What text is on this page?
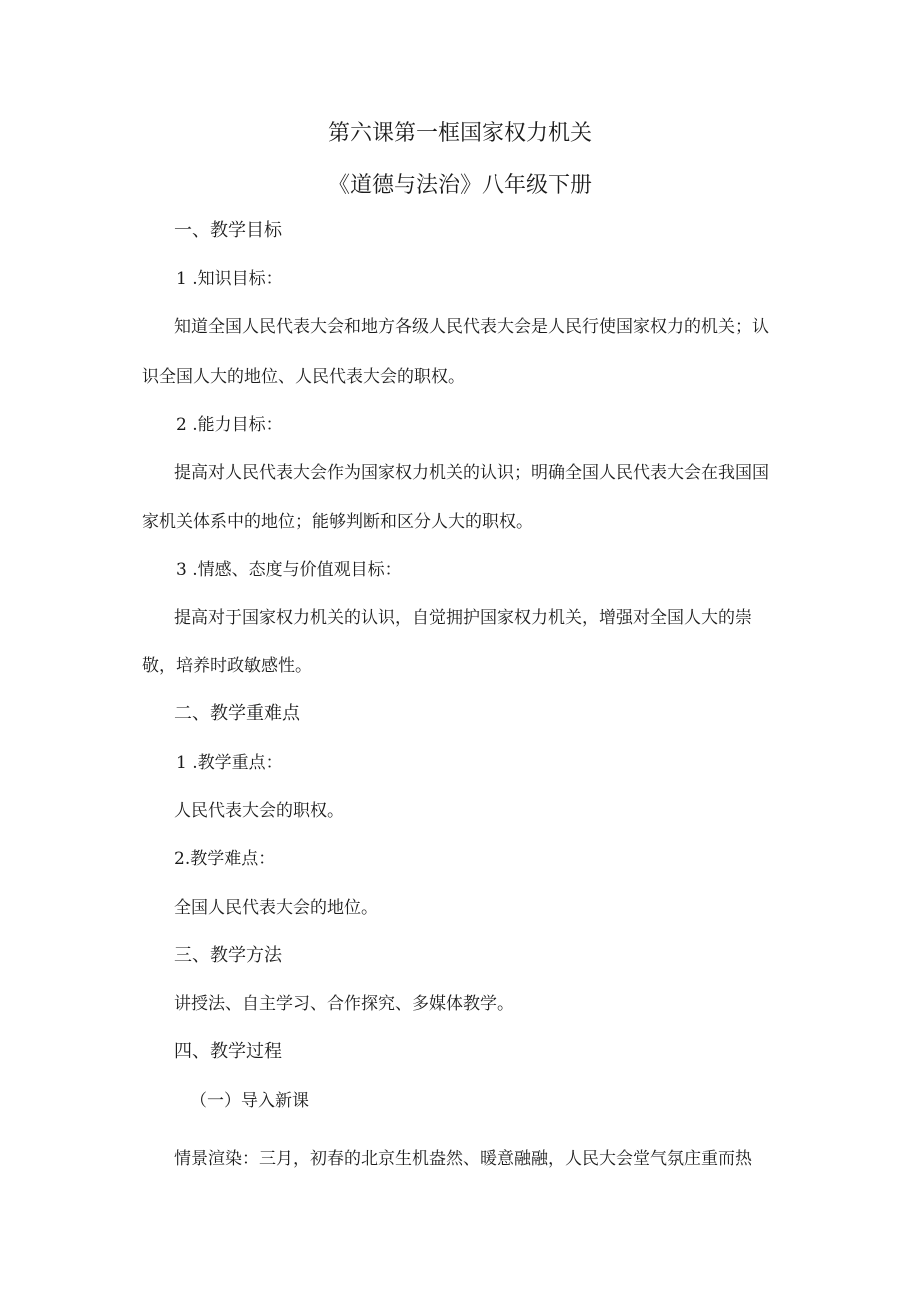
第六课第一框国家权力机关
《道德与法治》八年级下册
一、教学目标
1 .知识目标：
知道全国人民代表大会和地方各级人民代表大会是人民行使国家权力的机关；认
识全国人大的地位、人民代表大会的职权。
2 .能力目标：
提高对人民代表大会作为国家权力机关的认识；明确全国人民代表大会在我国国
家机关体系中的地位；能够判断和区分人大的职权。
3 .情感、态度与价值观目标：
提高对于国家权力机关的认识，自觉拥护国家权力机关，增强对全国人大的崇
敬，培养时政敏感性。
二、教学重难点
1 .教学重点：
人民代表大会的职权。
2.教学难点：
全国人民代表大会的地位。
三、教学方法
讲授法、自主学习、合作探究、多媒体教学。
四、教学过程
（一）导入新课
情景渲染：三月，初春的北京生机盎然、暖意融融，人民大会堂气氛庄重而热
